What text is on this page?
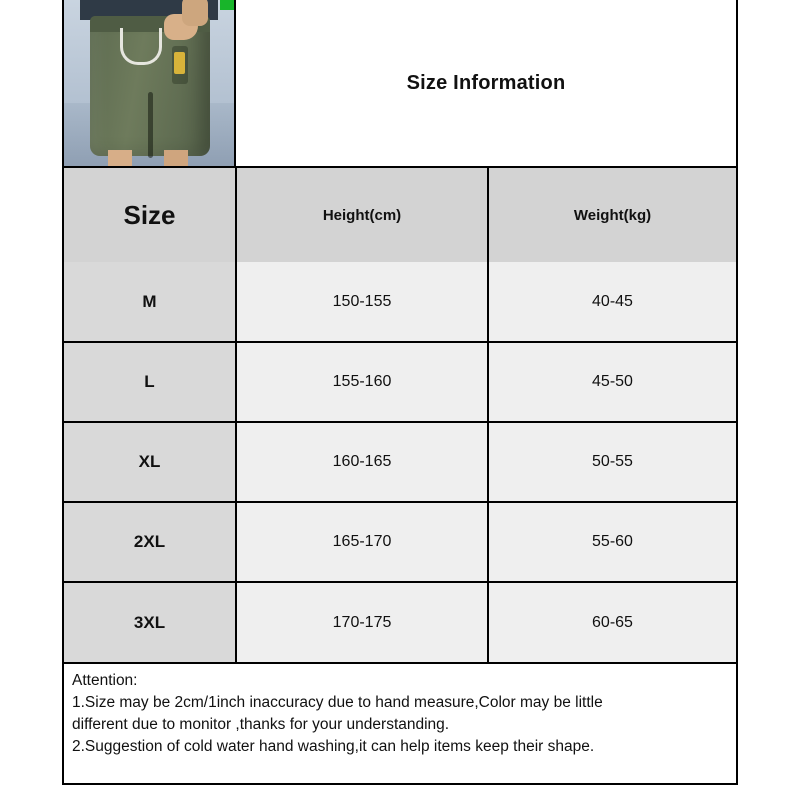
Size Information
Size	Height(cm)	Weight(kg)
M	150-155	40-45
L	155-160	45-50
XL	160-165	50-55
2XL	165-170	55-60
3XL	170-175	60-65

Attention:

1.Size may be 2cm/1inch inaccuracy due to hand measure,Color may be little

different due to monitor ,thanks for your understanding.

2.Suggestion of cold water hand washing,it can help items keep their shape.
